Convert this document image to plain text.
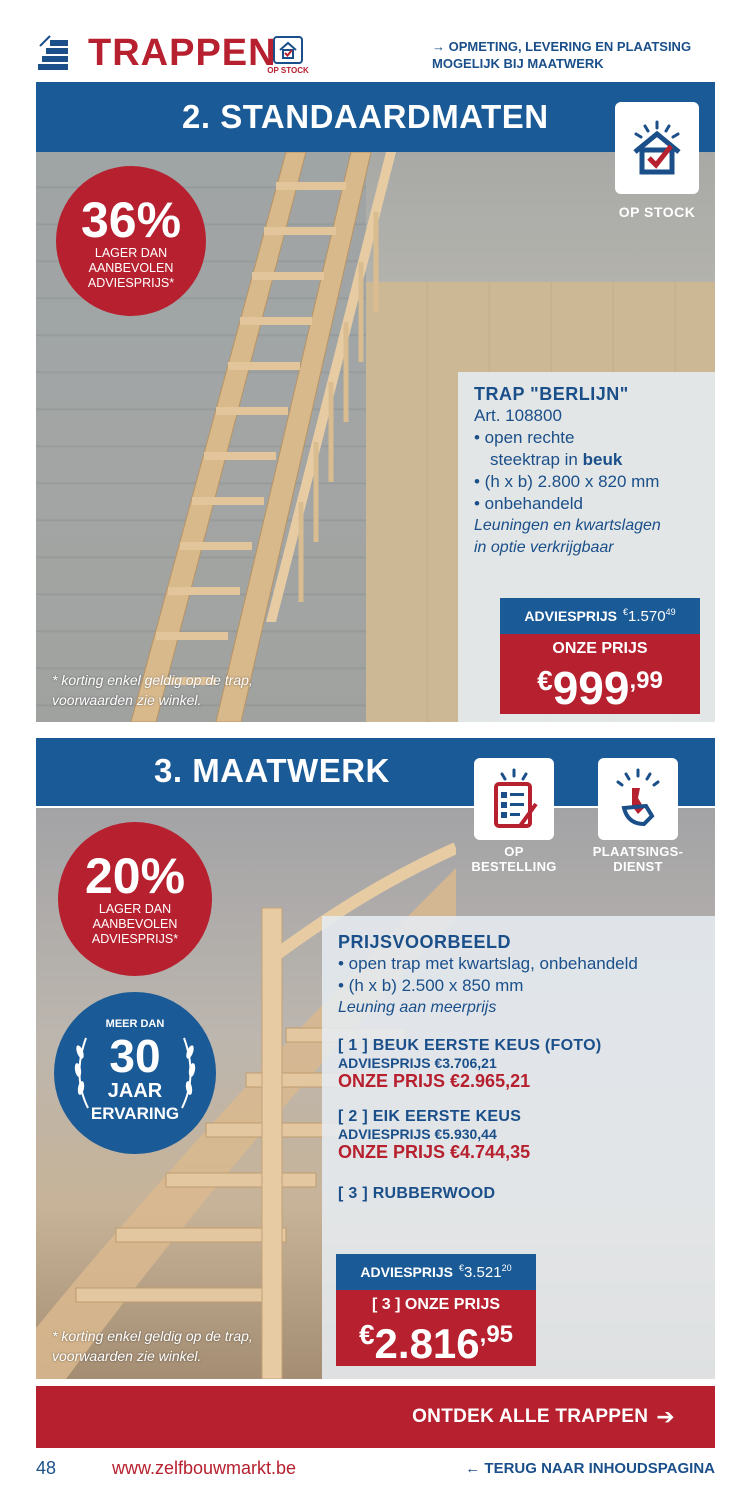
TRAPPEN
OP STOCK
→ OPMETING, LEVERING EN PLAATSING
MOGELIJK BIJ MAATWERK
2. STANDAARDMATEN
OP STOCK
36%
LAGER DAN
AANBEVOLEN
ADVIESPRIJS*
TRAP "BERLIJN"
Art. 108800
• open rechte
steektrap in beuk
• (h x b) 2.800 x 820 mm
• onbehandeld
Leuningen en kwartslagen
in optie verkrijgbaar
ADVIESPRIJS €1.570$^{49}$
ONZE PRIJS
$^€999^{,99}$
* korting enkel geldig op de trap,
voorwaarden zie winkel.
3. MAATWERK
OP
BESTELLING
PLAATSINGS-
DIENST
20%
LAGER DAN
AANBEVOLEN
ADVIESPRIJS*
MEER DAN
30
JAAR
ERVARING
PRIJSVOORBEELD
• open trap met kwartslag, onbehandeld
• (h x b) 2.500 x 850 mm
Leuning aan meerprijs
[ 1 ] BEUK EERSTE KEUS (FOTO)
ADVIESPRIJS €3.706,21
ONZE PRIJS €2.965,21
[ 2 ] EIK EERSTE KEUS
ADVIESPRIJS €5.930,44
ONZE PRIJS €4.744,35
[ 3 ] RUBBERWOOD
ADVIESPRIJS €3.521$^{20}$
[ 3 ] ONZE PRIJS
$^€2.816^{,95}$
* korting enkel geldig op de trap,
voorwaarden zie winkel.
ONTDEK ALLE TRAPPEN ➔
48	www.zelfbouwmarkt.be	← TERUG NAAR INHOUDSPAGINA
